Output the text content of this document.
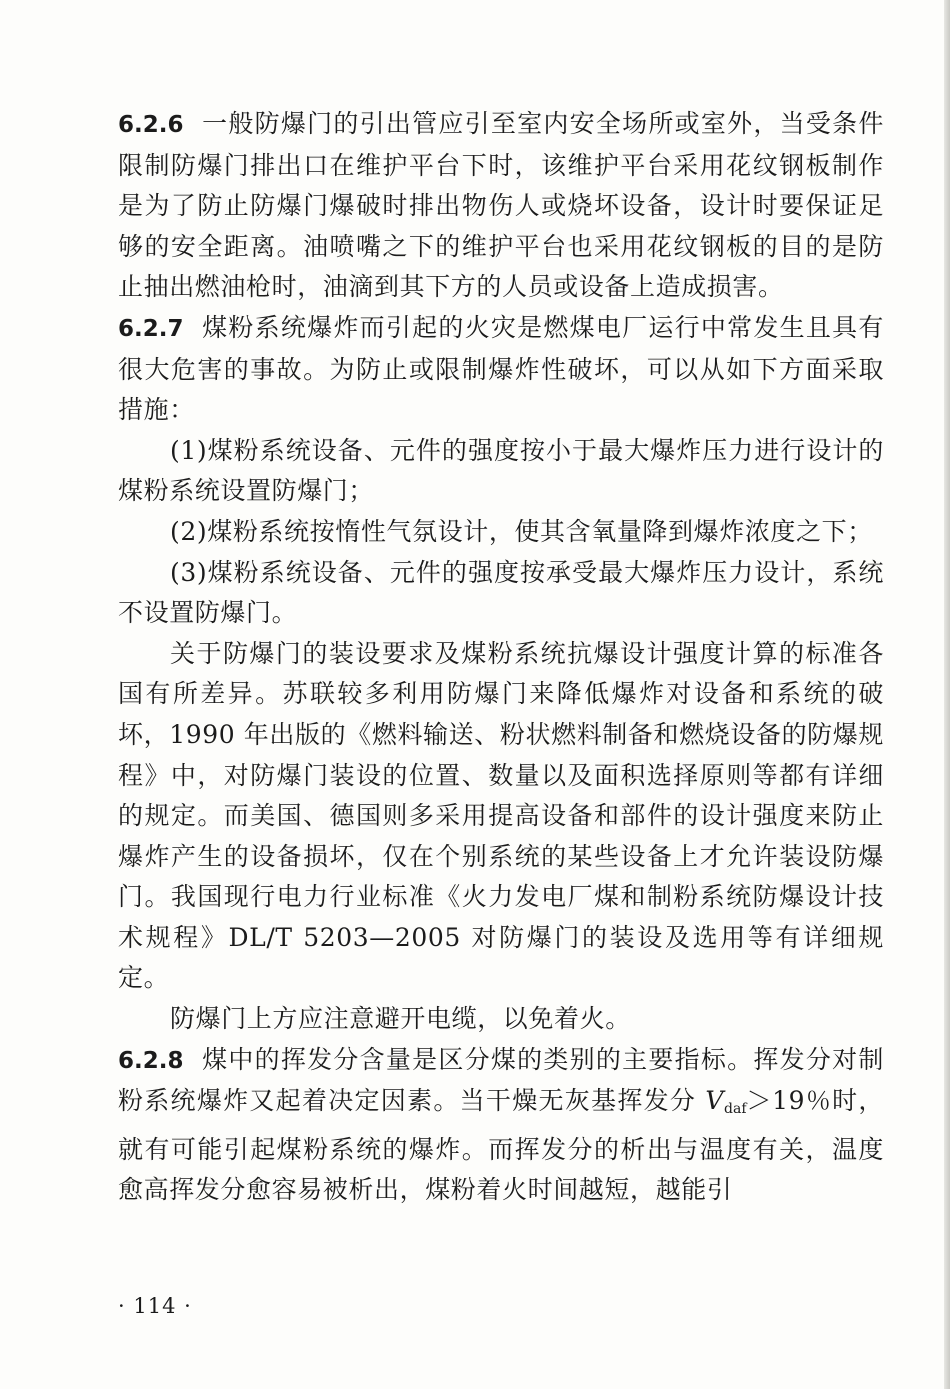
6.2.6 一般防爆门的引出管应引至室内安全场所或室外，当受条件限制防爆门排出口在维护平台下时，该维护平台采用花纹钢板制作是为了防止防爆门爆破时排出物伤人或烧坏设备，设计时要保证足够的安全距离。油喷嘴之下的维护平台也采用花纹钢板的目的是防止抽出燃油枪时，油滴到其下方的人员或设备上造成损害。

6.2.7 煤粉系统爆炸而引起的火灾是燃煤电厂运行中常发生且具有很大危害的事故。为防止或限制爆炸性破坏，可以从如下方面采取措施：

(1)煤粉系统设备、元件的强度按小于最大爆炸压力进行设计的煤粉系统设置防爆门；

(2)煤粉系统按惰性气氛设计，使其含氧量降到爆炸浓度之下；

(3)煤粉系统设备、元件的强度按承受最大爆炸压力设计，系统不设置防爆门。

关于防爆门的装设要求及煤粉系统抗爆设计强度计算的标准各国有所差异。苏联较多利用防爆门来降低爆炸对设备和系统的破坏，1990 年出版的《燃料输送、粉状燃料制备和燃烧设备的防爆规程》中，对防爆门装设的位置、数量以及面积选择原则等都有详细的规定。而美国、德国则多采用提高设备和部件的设计强度来防止爆炸产生的设备损坏，仅在个别系统的某些设备上才允许装设防爆门。我国现行电力行业标准《火力发电厂煤和制粉系统防爆设计技术规程》DL/T 5203—2005 对防爆门的装设及选用等有详细规定。

防爆门上方应注意避开电缆，以免着火。

6.2.8 煤中的挥发分含量是区分煤的类别的主要指标。挥发分对制粉系统爆炸又起着决定因素。当干燥无灰基挥发分 $V_{daf}>19$％时，就有可能引起煤粉系统的爆炸。而挥发分的析出与温度有关，温度愈高挥发分愈容易被析出，煤粉着火时间越短，越能引

· 114 ·
